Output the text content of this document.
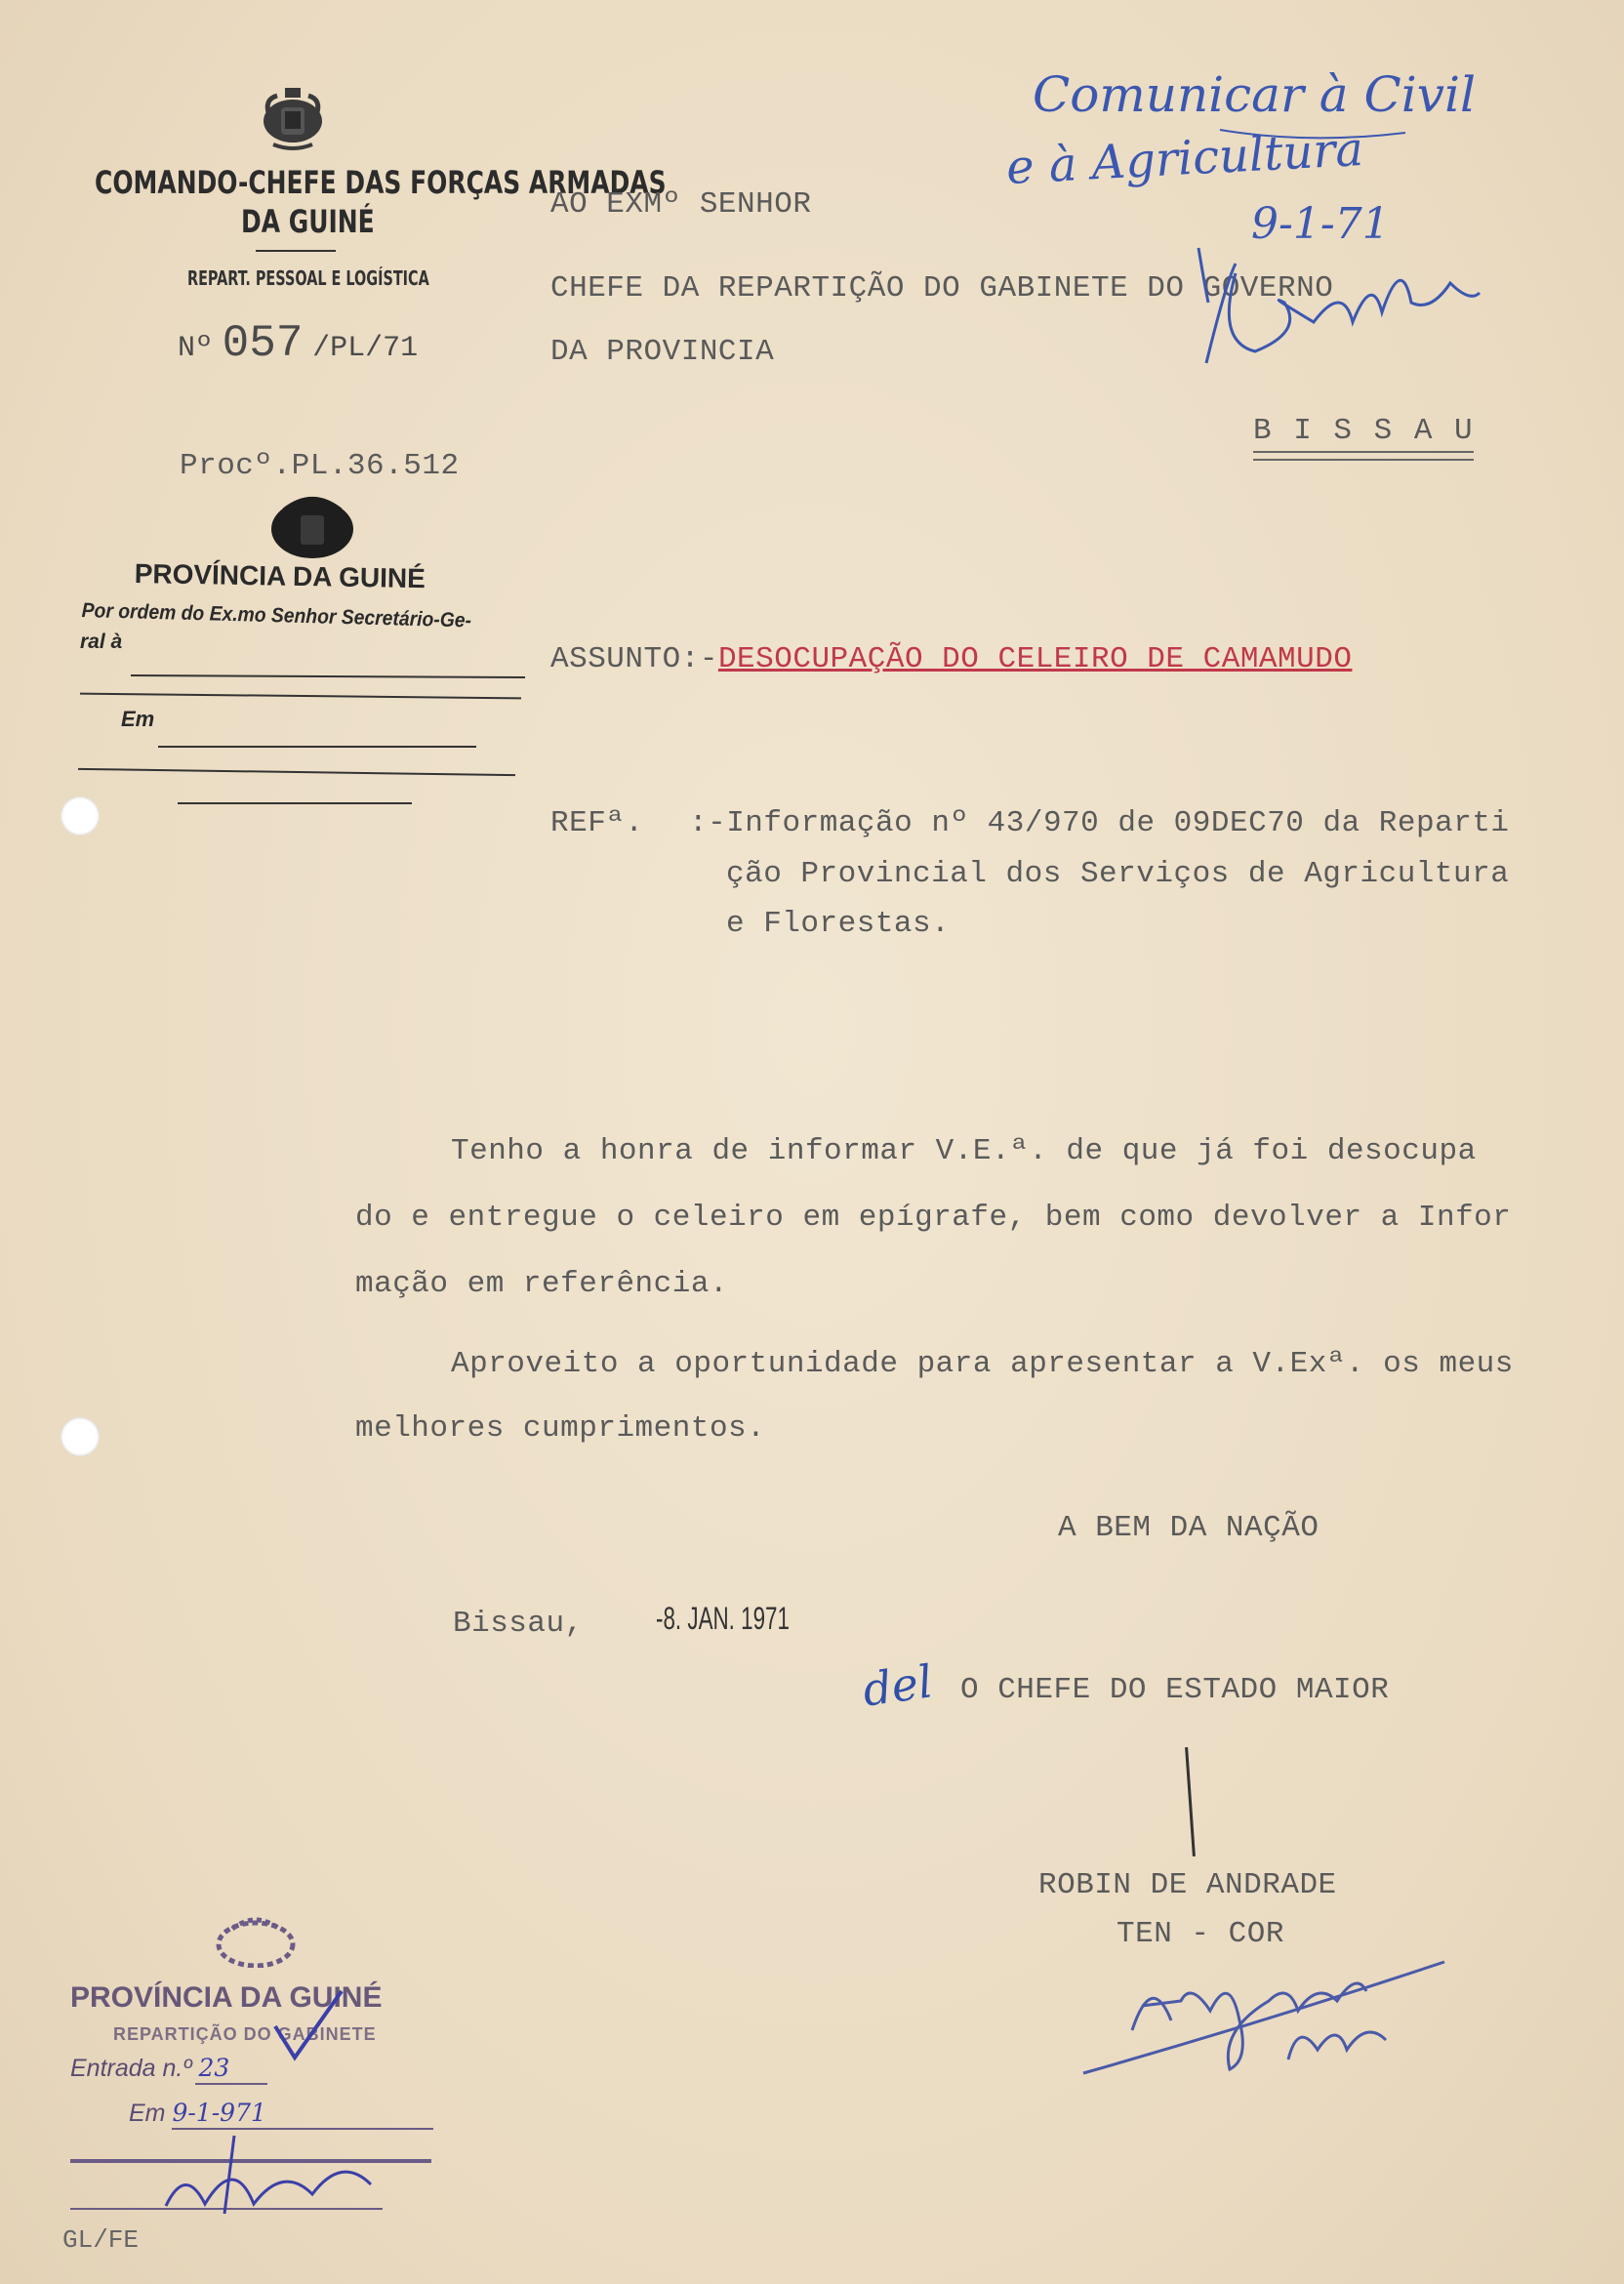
COMANDO-CHEFE DAS FORÇAS ARMADAS
DA GUINÉ
REPART. PESSOAL E LOGÍSTICA
Nº 057 /PL/71
Procº.PL.36.512
PROVÍNCIA DA GUINÉ
Por ordem do Ex.mo Senhor Secretário-Ge-
ral à
Em
AO EXMº SENHOR
CHEFE DA REPARTIÇÃO DO GABINETE DO GOVERNO
DA PROVINCIA
B I S S A U
Comunicar à Civil
e à Agricultura
9-1-71
ASSUNTO:-DESOCUPAÇÃO DO CELEIRO DE CAMAMUDO
REFª. :-Informação nº 43/970 de 09DEC70 da Reparti
ção Provincial dos Serviços de Agricultura
e Florestas.
Tenho a honra de informar V.E.ª. de que já foi desocupa
do e entregue o celeiro em epígrafe, bem como devolver a Infor
mação em referência.
Aproveito a oportunidade para apresentar a V.Exª. os meus
melhores cumprimentos.
A BEM DA NAÇÃO
Bissau, -8. JAN. 1971
del O CHEFE DO ESTADO MAIOR
ROBIN DE ANDRADE
TEN - COR
PROVÍNCIA DA GUINÉ
REPARTIÇÃO DO GABINETE
Entrada n.º 23
Em 9-1-971
GL/FE
